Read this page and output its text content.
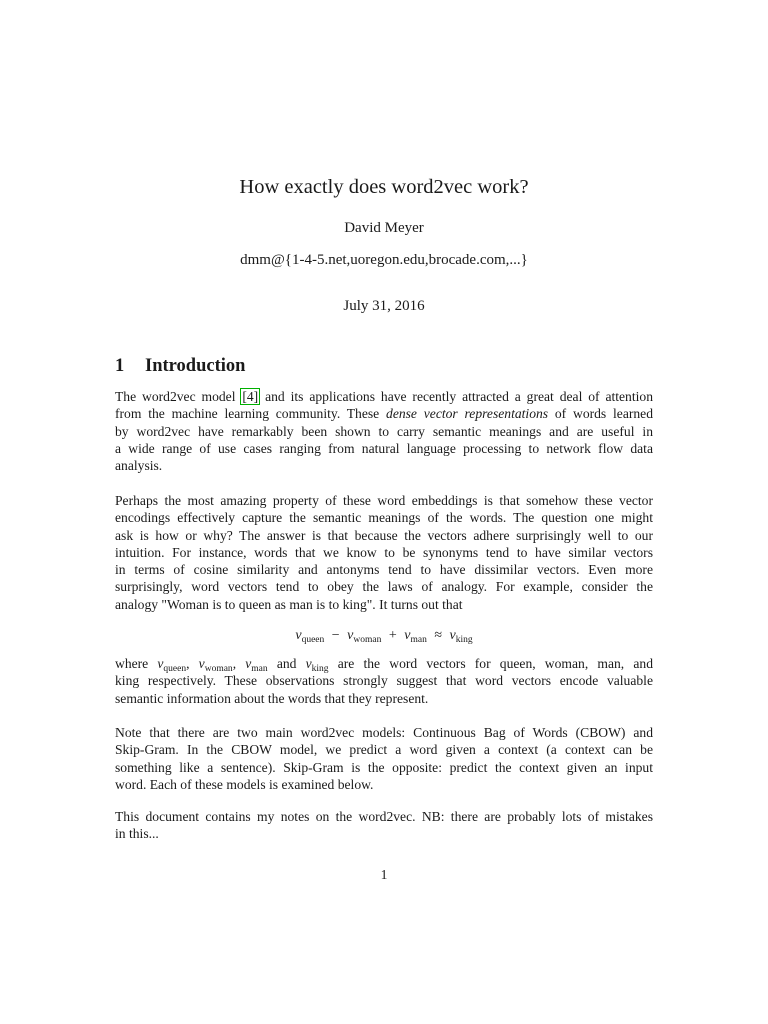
How exactly does word2vec work?
David Meyer
dmm@{1-4-5.net,uoregon.edu,brocade.com,...}
July 31, 2016
1 Introduction
The word2vec model [4] and its applications have recently attracted a great deal of attention
from the machine learning community. These dense vector representations of words learned
by word2vec have remarkably been shown to carry semantic meanings and are useful in
a wide range of use cases ranging from natural language processing to network flow data
analysis.
Perhaps the most amazing property of these word embeddings is that somehow these vector
encodings effectively capture the semantic meanings of the words. The question one might
ask is how or why? The answer is that because the vectors adhere surprisingly well to our
intuition. For instance, words that we know to be synonyms tend to have similar vectors
in terms of cosine similarity and antonyms tend to have dissimilar vectors. Even more
surprisingly, word vectors tend to obey the laws of analogy. For example, consider the
analogy "Woman is to queen as man is to king". It turns out that
$v_{queen} - v_{woman} + v_{man} \approx v_{king}$
where $v_{queen}$, $v_{woman}$, $v_{man}$ and $v_{king}$ are the word vectors for queen, woman, man, and
king respectively. These observations strongly suggest that word vectors encode valuable
semantic information about the words that they represent.
Note that there are two main word2vec models: Continuous Bag of Words (CBOW) and
Skip-Gram. In the CBOW model, we predict a word given a context (a context can be
something like a sentence). Skip-Gram is the opposite: predict the context given an input
word. Each of these models is examined below.
This document contains my notes on the word2vec. NB: there are probably lots of mistakes
in this...
1
